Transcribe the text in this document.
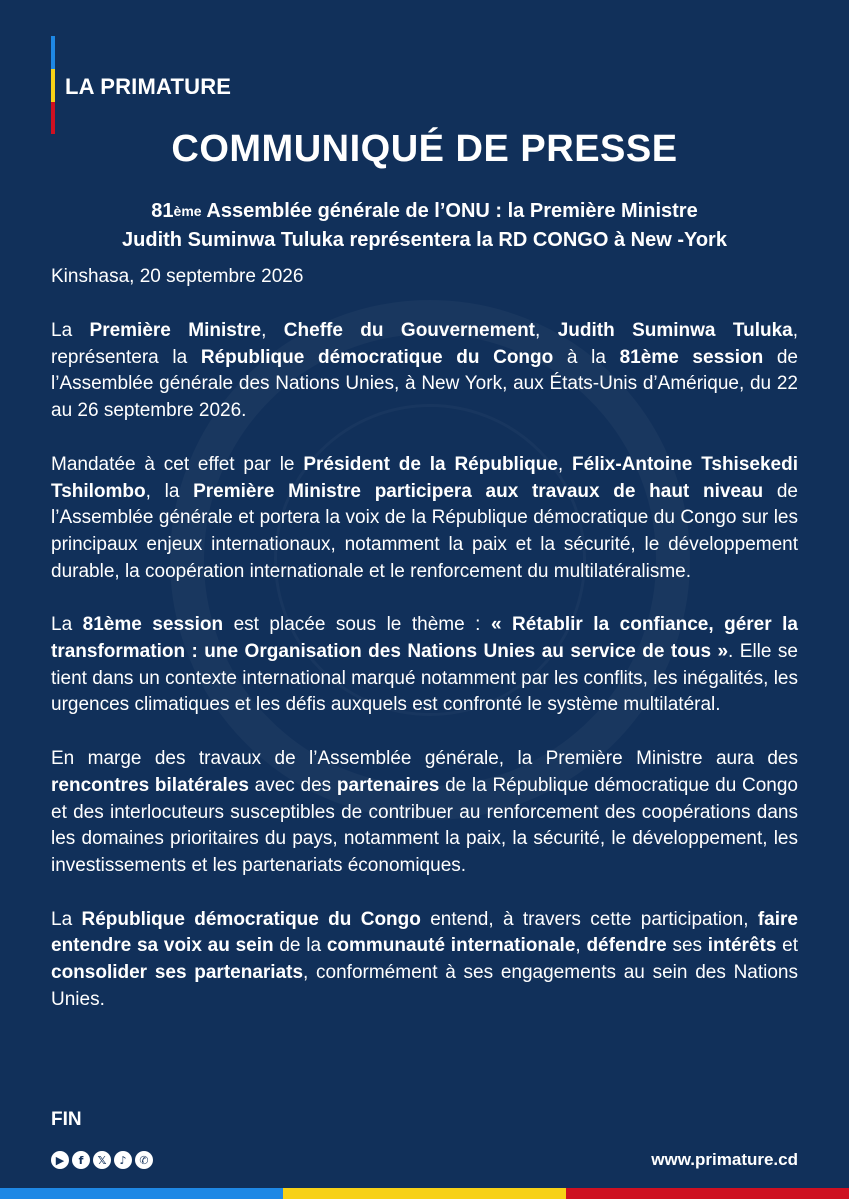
LA PRIMATURE
COMMUNIQUÉ DE PRESSE
81ème Assemblée générale de l’ONU : la Première Ministre
Judith Suminwa Tuluka représentera la RD CONGO à New -York
Kinshasa, 20 septembre 2026

La Première Ministre, Cheffe du Gouvernement, Judith Suminwa Tuluka, représentera la République démocratique du Congo à la 81ème session de l’Assemblée générale des Nations Unies, à New York, aux États-Unis d’Amérique, du 22 au 26 septembre 2026.

Mandatée à cet effet par le Président de la République, Félix-Antoine Tshisekedi Tshilombo, la Première Ministre participera aux travaux de haut niveau de l’Assemblée générale et portera la voix de la République démocratique du Congo sur les principaux enjeux internationaux, notamment la paix et la sécurité, le développement durable, la coopération internationale et le renforcement du multilatéralisme.

La 81ème session est placée sous le thème : « Rétablir la confiance, gérer la transformation : une Organisation des Nations Unies au service de tous ». Elle se tient dans un contexte international marqué notamment par les conflits, les inégalités, les urgences climatiques et les défis auxquels est confronté le système multilatéral.

En marge des travaux de l’Assemblée générale, la Première Ministre aura des rencontres bilatérales avec des partenaires de la République démocratique du Congo et des interlocuteurs susceptibles de contribuer au renforcement des coopérations dans les domaines prioritaires du pays, notamment la paix, la sécurité, le développement, les investissements et les partenariats économiques.

La République démocratique du Congo entend, à travers cette participation, faire entendre sa voix au sein de la communauté internationale, défendre ses intérêts et consolider ses partenariats, conformément à ses engagements au sein des Nations Unies.

FIN
▶	f	𝕏	♪	✆	www.primature.cd
